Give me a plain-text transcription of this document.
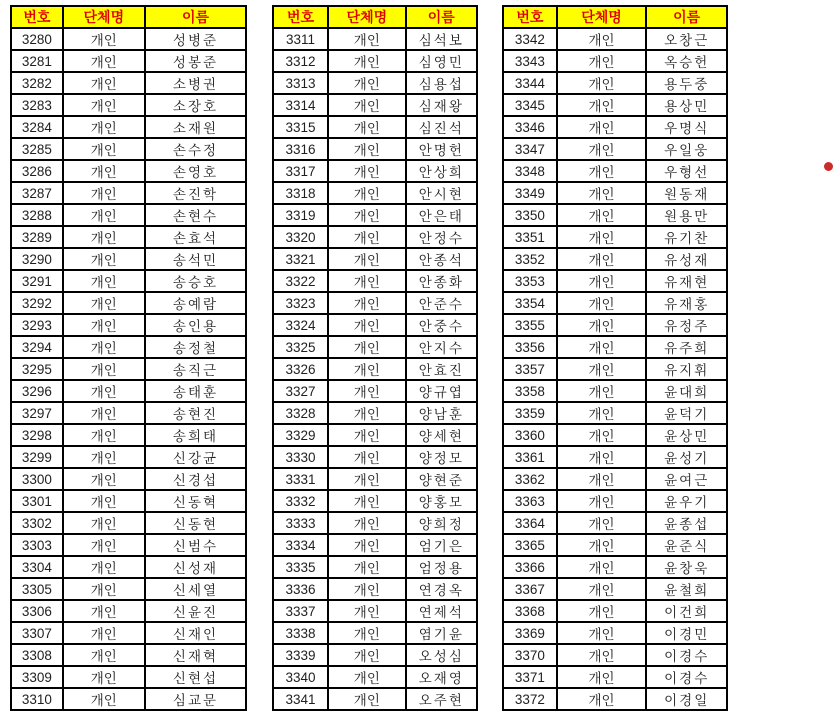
번호	단체명	이름
3280	개인	성병준
3281	개인	성봉준
3282	개인	소병권
3283	개인	소장호
3284	개인	소재원
3285	개인	손수정
3286	개인	손영호
3287	개인	손진학
3288	개인	손현수
3289	개인	손효석
3290	개인	송석민
3291	개인	송승호
3292	개인	송예람
3293	개인	송인용
3294	개인	송정철
3295	개인	송직근
3296	개인	송태훈
3297	개인	송현진
3298	개인	송희태
3299	개인	신강균
3300	개인	신경섭
3301	개인	신동혁
3302	개인	신동현
3303	개인	신범수
3304	개인	신성재
3305	개인	신세열
3306	개인	신윤진
3307	개인	신재인
3308	개인	신재혁
3309	개인	신현섭
3310	개인	심교문
번호	단체명	이름
3311	개인	심석보
3312	개인	심영민
3313	개인	심용섭
3314	개인	심재왕
3315	개인	심진석
3316	개인	안명헌
3317	개인	안상희
3318	개인	안시현
3319	개인	안은태
3320	개인	안정수
3321	개인	안종석
3322	개인	안종화
3323	개인	안준수
3324	개인	안중수
3325	개인	안지수
3326	개인	안효진
3327	개인	양규엽
3328	개인	양남훈
3329	개인	양세현
3330	개인	양정모
3331	개인	양현준
3332	개인	양홍모
3333	개인	양희정
3334	개인	엄기은
3335	개인	엄정용
3336	개인	연경옥
3337	개인	연제석
3338	개인	염기윤
3339	개인	오성심
3340	개인	오재영
3341	개인	오주현
번호	단체명	이름
3342	개인	오창근
3343	개인	옥승헌
3344	개인	용두중
3345	개인	용상민
3346	개인	우명식
3347	개인	우일웅
3348	개인	우형선
3349	개인	원동재
3350	개인	원용만
3351	개인	유기찬
3352	개인	유성재
3353	개인	유재현
3354	개인	유재홍
3355	개인	유정주
3356	개인	유주희
3357	개인	유지휘
3358	개인	윤대희
3359	개인	윤덕기
3360	개인	윤상민
3361	개인	윤성기
3362	개인	윤여근
3363	개인	윤우기
3364	개인	윤종섭
3365	개인	윤준식
3366	개인	윤창욱
3367	개인	윤철희
3368	개인	이건희
3369	개인	이경민
3370	개인	이경수
3371	개인	이경수
3372	개인	이경일
